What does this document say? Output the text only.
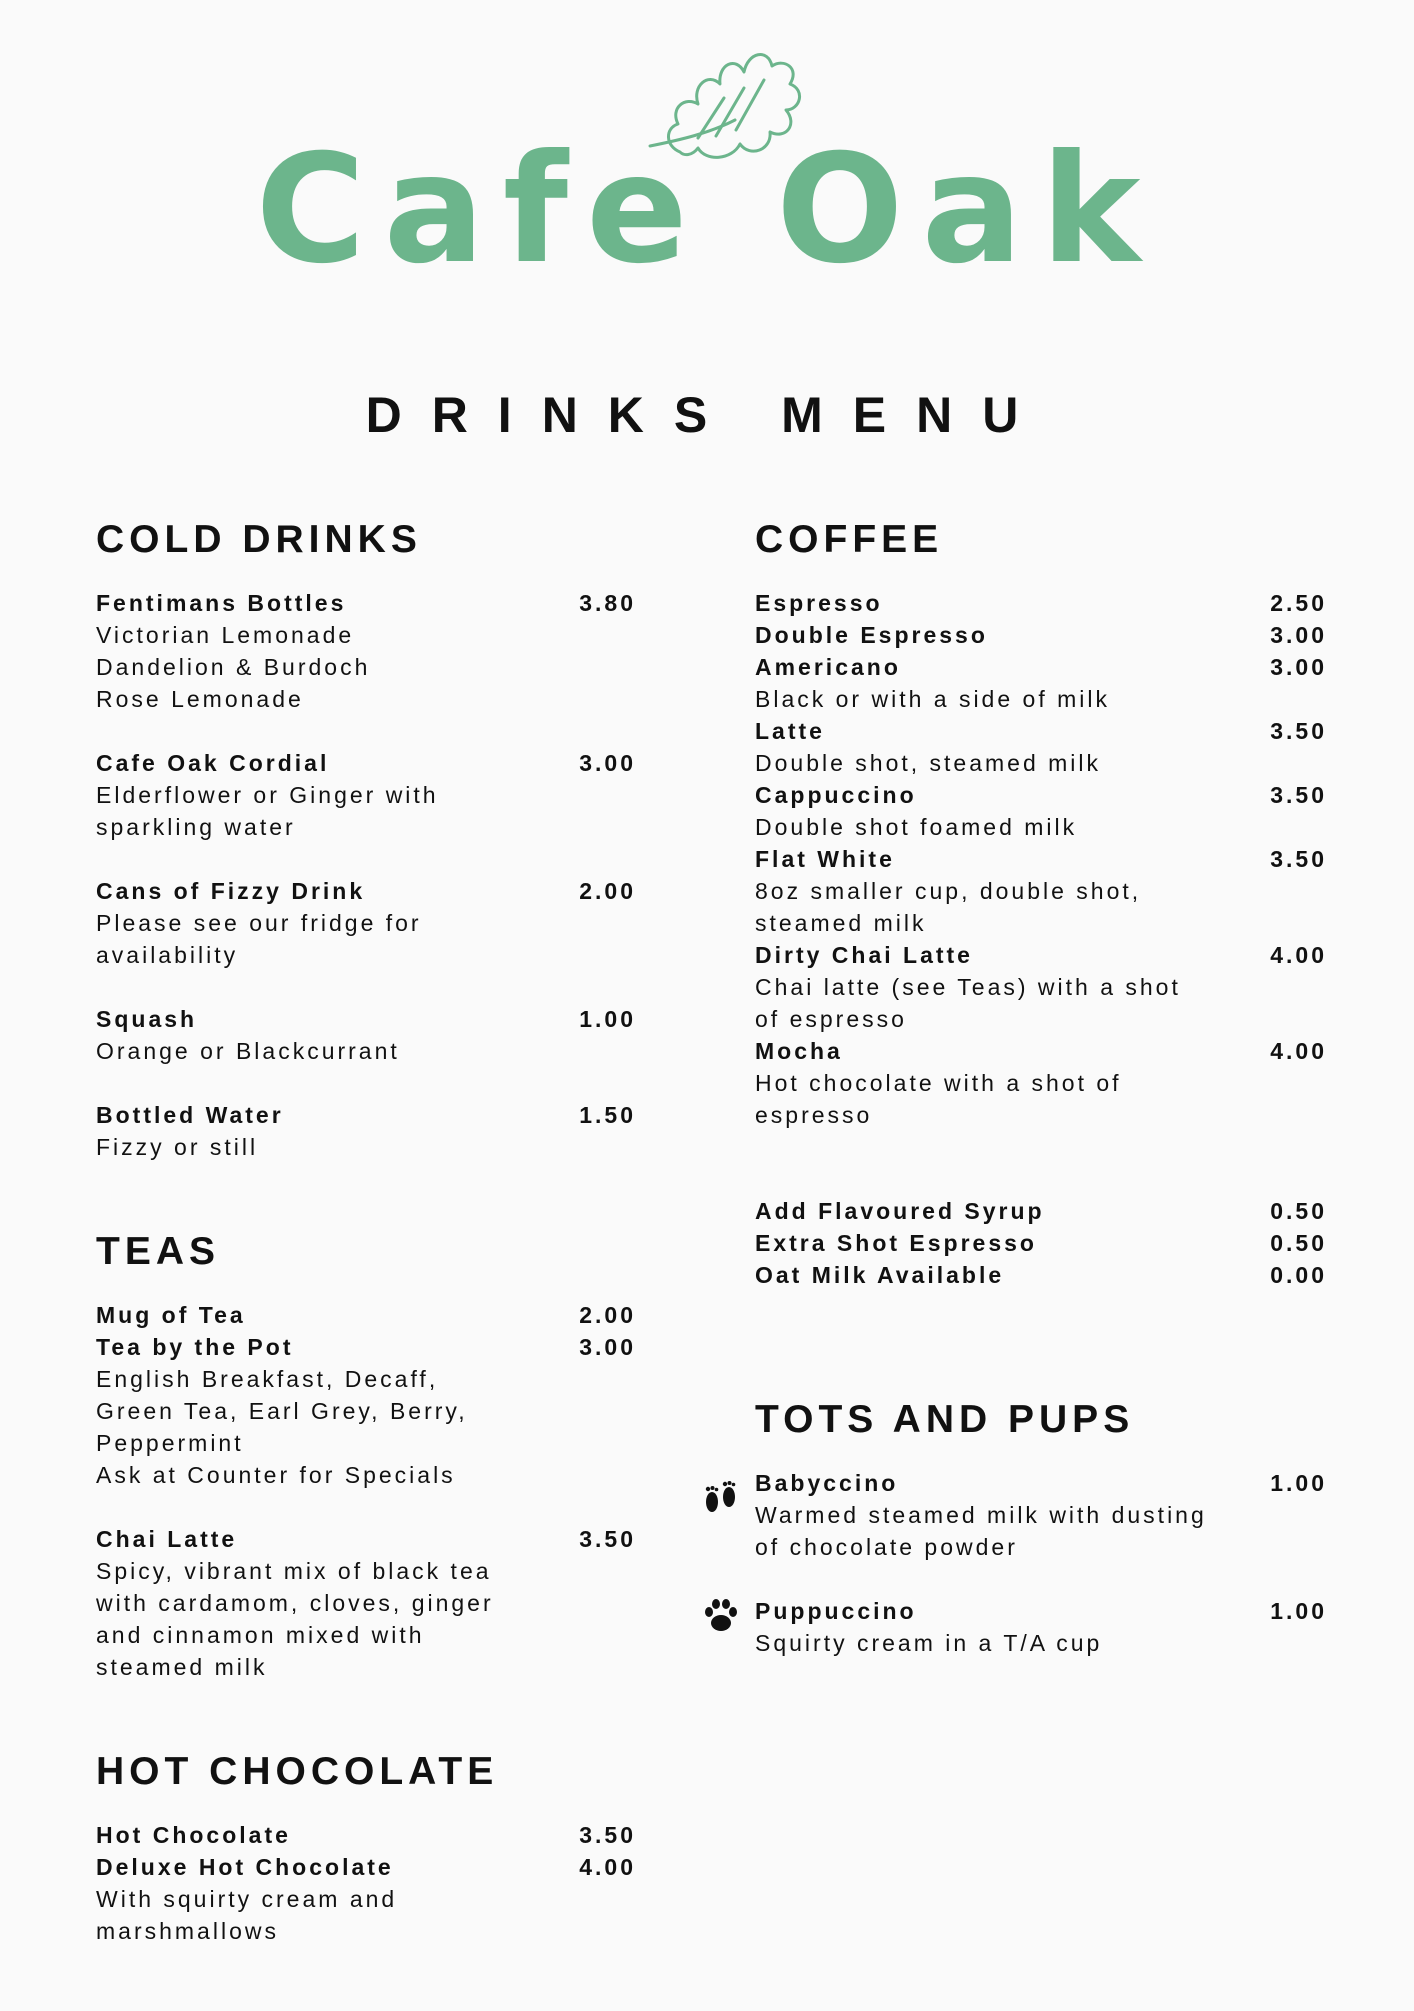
Cafe Oak
DRINKS MENU
COLD DRINKS
Fentimans Bottles	3.80
Victorian Lemonade
Dandelion & Burdoch
Rose Lemonade
Cafe Oak Cordial	3.00
Elderflower or Ginger with
sparkling water
Cans of Fizzy Drink	2.00
Please see our fridge for
availability
Squash	1.00
Orange or Blackcurrant
Bottled Water	1.50
Fizzy or still
TEAS
Mug of Tea	2.00
Tea by the Pot	3.00
English Breakfast, Decaff,
Green Tea, Earl Grey, Berry,
Peppermint
Ask at Counter for Specials
Chai Latte	3.50
Spicy, vibrant mix of black tea
with cardamom, cloves, ginger
and cinnamon mixed with
steamed milk
HOT CHOCOLATE
Hot Chocolate	3.50
Deluxe Hot Chocolate	4.00
With squirty cream and
marshmallows
COFFEE
Espresso	2.50
Double Espresso	3.00
Americano	3.00
Black or with a side of milk
Latte	3.50
Double shot, steamed milk
Cappuccino	3.50
Double shot foamed milk
Flat White	3.50
8oz smaller cup, double shot,
steamed milk
Dirty Chai Latte	4.00
Chai latte (see Teas) with a shot
of espresso
Mocha	4.00
Hot chocolate with a shot of
espresso
Add Flavoured Syrup	0.50
Extra Shot Espresso	0.50
Oat Milk Available	0.00
TOTS AND PUPS
Babyccino	1.00
Warmed steamed milk with dusting
of chocolate powder
Puppuccino	1.00
Squirty cream in a T/A cup
